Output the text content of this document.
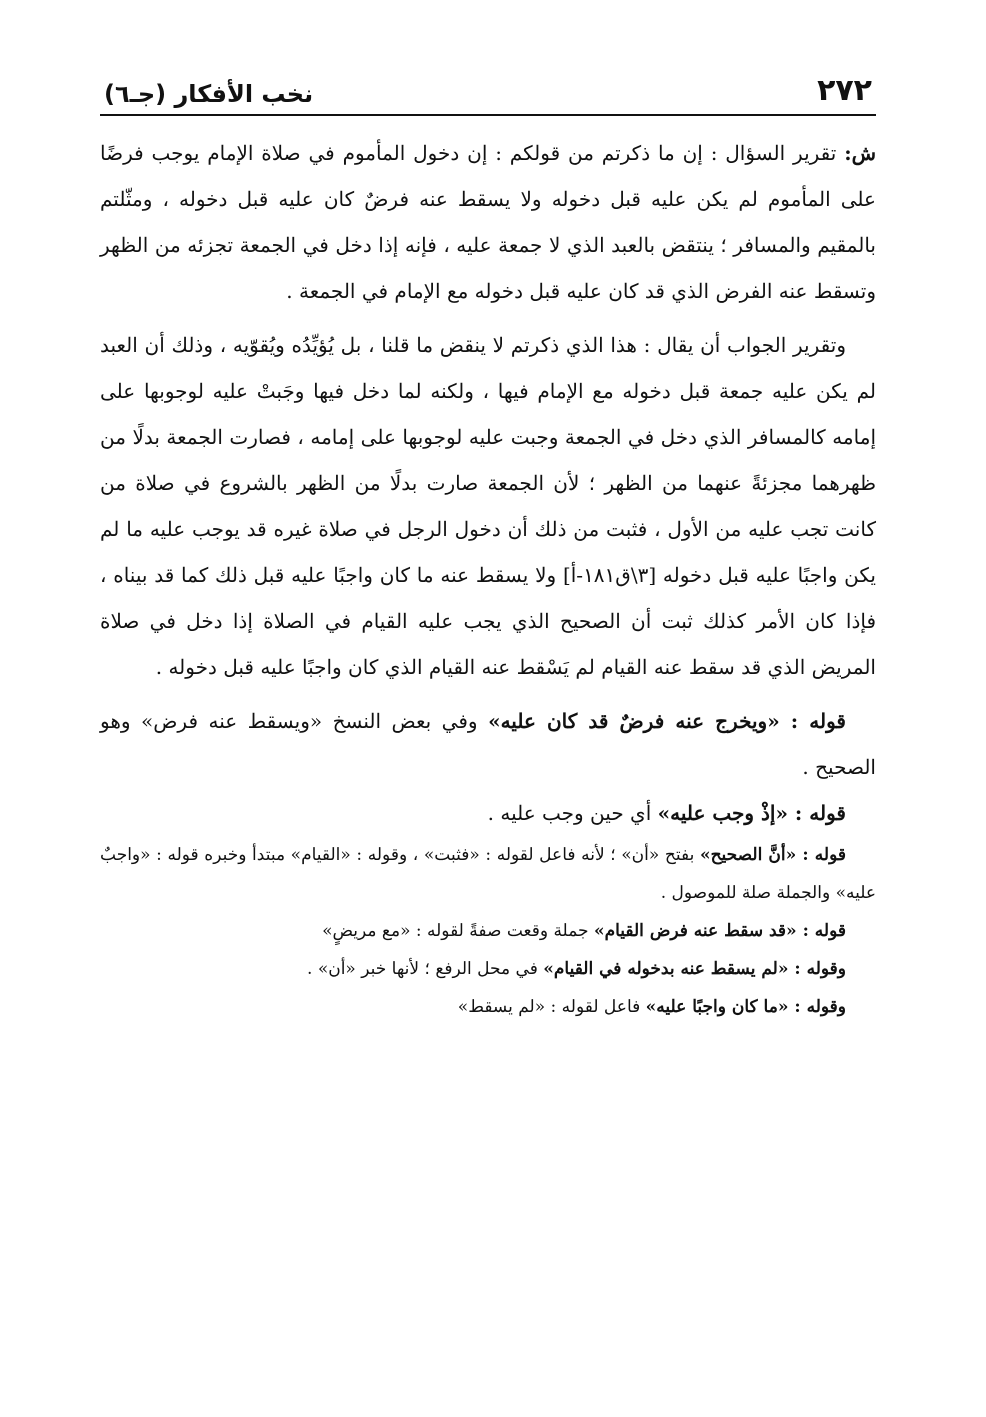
٢٧٢
نخب الأفكار (جـ٦)

ش: تقرير السؤال : إن ما ذكرتم من قولكم : إن دخول المأموم في صلاة الإمام يوجب فرضًا على المأموم لم يكن عليه قبل دخوله ولا يسقط عنه فرضٌ كان عليه قبل دخوله ، ومثّلتم بالمقيم والمسافر ؛ ينتقض بالعبد الذي لا جمعة عليه ، فإنه إذا دخل في الجمعة تجزئه من الظهر وتسقط عنه الفرض الذي قد كان عليه قبل دخوله مع الإمام في الجمعة .

وتقرير الجواب أن يقال : هذا الذي ذكرتم لا ينقض ما قلنا ، بل يُؤيِّدُه ويُقوّيه ، وذلك أن العبد لم يكن عليه جمعة قبل دخوله مع الإمام فيها ، ولكنه لما دخل فيها وجَبتْ عليه لوجوبها على إمامه كالمسافر الذي دخل في الجمعة وجبت عليه لوجوبها على إمامه ، فصارت الجمعة بدلًا من ظهرهما مجزئةً عنهما من الظهر ؛ لأن الجمعة صارت بدلًا من الظهر بالشروع في صلاة من كانت تجب عليه من الأول ، فثبت من ذلك أن دخول الرجل في صلاة غيره قد يوجب عليه ما لم يكن واجبًا عليه قبل دخوله [٣\ق١٨١-أ] ولا يسقط عنه ما كان واجبًا عليه قبل ذلك كما قد بيناه ، فإذا كان الأمر كذلك ثبت أن الصحيح الذي يجب عليه القيام في الصلاة إذا دخل في صلاة المريض الذي قد سقط عنه القيام لم يَسْقط عنه القيام الذي كان واجبًا عليه قبل دخوله .

قوله : «ويخرج عنه فرضٌ قد كان عليه» وفي بعض النسخ «ويسقط عنه فرض» وهو الصحيح .

قوله : «إذْ وجب عليه» أي حين وجب عليه .

قوله : «أنَّ الصحيح» بفتح «أن» ؛ لأنه فاعل لقوله : «فثبت» ، وقوله : «القيام» مبتدأ وخبره قوله : «واجبٌ عليه» والجملة صلة للموصول .

قوله : «قد سقط عنه فرض القيام» جملة وقعت صفةً لقوله : «مع مريضٍ»

وقوله : «لم يسقط عنه بدخوله في القيام» في محل الرفع ؛ لأنها خبر «أن» .

وقوله : «ما كان واجبًا عليه» فاعل لقوله : «لم يسقط»
